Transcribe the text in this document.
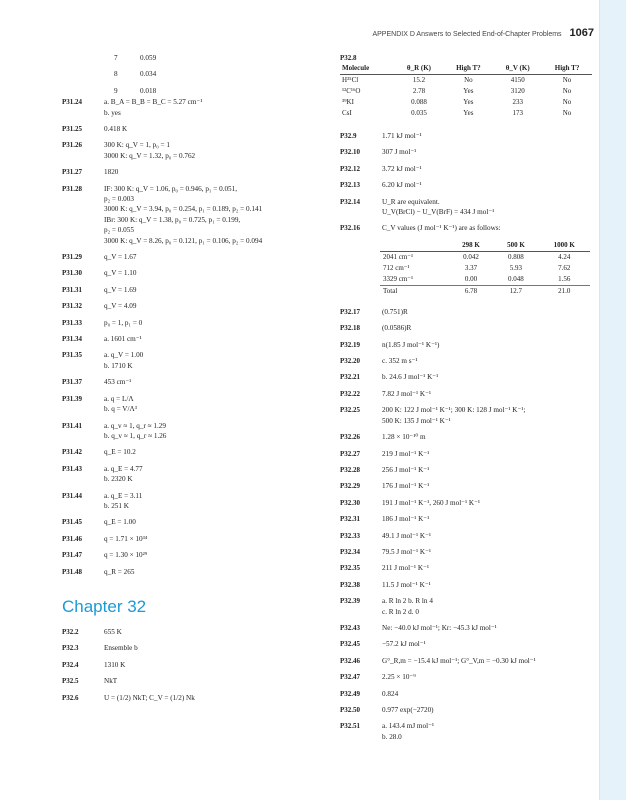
APPENDIX D Answers to Selected End-of-Chapter Problems 1067
7	0.059
8	0.034
9	0.018
P31.24	a. B_A = B_B = B_C = 5.27 cm⁻¹
b. yes
P31.25	0.418 K
P31.26	300 K: q_V = 1, p₀ = 1
3000 K: q_V = 1.32, p₀ = 0.762
P31.27	1820
P31.28	IF: 300 K: q_V = 1.06, p₀ = 0.946, p₁ = 0.051,
p₂ = 0.003
3000 K: q_V = 3.94, p₀ = 0.254, p₁ = 0.189, p₂ = 0.141
IBr: 300 K: q_V = 1.38, p₀ = 0.725, p₁ = 0.199,
p₂ = 0.055
3000 K: q_V = 8.26, p₀ = 0.121, p₁ = 0.106, p₂ = 0.094
P31.29	q_V = 1.67
P31.30	q_V = 1.10
P31.31	q_V = 1.69
P31.32	q_V = 4.09
P31.33	p₀ = 1, p₁ = 0
P31.34	a. 1601 cm⁻¹
P31.35	a. q_V = 1.00
b. 1710 K
P31.37	453 cm⁻¹
P31.39	a. q = L/Λ
b. q = V/Λ³
P31.41	a. q_v ≈ 1, q_r ≈ 1.29
b. q_v ≈ 1, q_r ≈ 1.26
P31.42	q_E = 10.2
P31.43	a. q_E = 4.77
b. 2320 K
P31.44	a. q_E = 3.11
b. 251 K
P31.45	q_E = 1.00
P31.46	q = 1.71 × 10³⁴
P31.47	q = 1.30 × 10²⁹
P31.48	q_R = 265
Chapter 32
P32.2	655 K
P32.3	Ensemble b
P32.4	1310 K
P32.5	NkT
P32.6	U = (1/2) NkT; C_V = (1/2) Nk
P32.8
Molecule	θ_R (K)	High T?	θ_V (K)	High T?
H³⁵Cl	15.2	No	4150	No
¹²C¹⁶O	2.78	Yes	3120	No
³⁹KI	0.088	Yes	233	No
CsI	0.035	Yes	173	No
P32.9	1.71 kJ mol⁻¹
P32.10	307 J mol⁻¹
P32.12	3.72 kJ mol⁻¹
P32.13	6.20 kJ mol⁻¹
P32.14	U_R are equivalent.
U_V(BrCl) − U_V(BrF) = 434 J mol⁻¹
P32.16	C_V values (J mol⁻¹ K⁻¹) are as follows:
	298 K	500 K	1000 K
2041 cm⁻¹	0.042	0.808	4.24
712 cm⁻¹	3.37	5.93	7.62
3329 cm⁻¹	0.00	0.048	1.56
Total	6.78	12.7	21.0
P32.17	(0.751)R
P32.18	(0.0586)R
P32.19	n(1.85 J mol⁻¹ K⁻¹)
P32.20	c. 352 m s⁻¹
P32.21	b. 24.6 J mol⁻¹ K⁻¹
P32.22	7.82 J mol⁻¹ K⁻¹
P32.25	200 K: 122 J mol⁻¹ K⁻¹; 300 K: 128 J mol⁻¹ K⁻¹;
500 K: 135 J mol⁻¹ K⁻¹
P32.26	1.28 × 10⁻¹⁰ m
P32.27	219 J mol⁻¹ K⁻¹
P32.28	256 J mol⁻¹ K⁻¹
P32.29	176 J mol⁻¹ K⁻¹
P32.30	191 J mol⁻¹ K⁻¹, 260 J mol⁻¹ K⁻¹
P32.31	186 J mol⁻¹ K⁻¹
P32.33	49.1 J mol⁻¹ K⁻¹
P32.34	79.5 J mol⁻¹ K⁻¹
P32.35	211 J mol⁻¹ K⁻¹
P32.38	11.5 J mol⁻¹ K⁻¹
P32.39	a. R ln 2 b. R ln 4
c. R ln 2 d. 0
P32.43	Ne: −40.0 kJ mol⁻¹; Kr: −45.3 kJ mol⁻¹
P32.45	−57.2 kJ mol⁻¹
P32.46	G°_R,m = −15.4 kJ mol⁻¹; G°_V,m = −0.30 kJ mol⁻¹
P32.47	2.25 × 10⁻⁹
P32.49	0.824
P32.50	0.977 exp(−2720)
P32.51	a. 143.4 mJ mol⁻¹
b. 28.0
